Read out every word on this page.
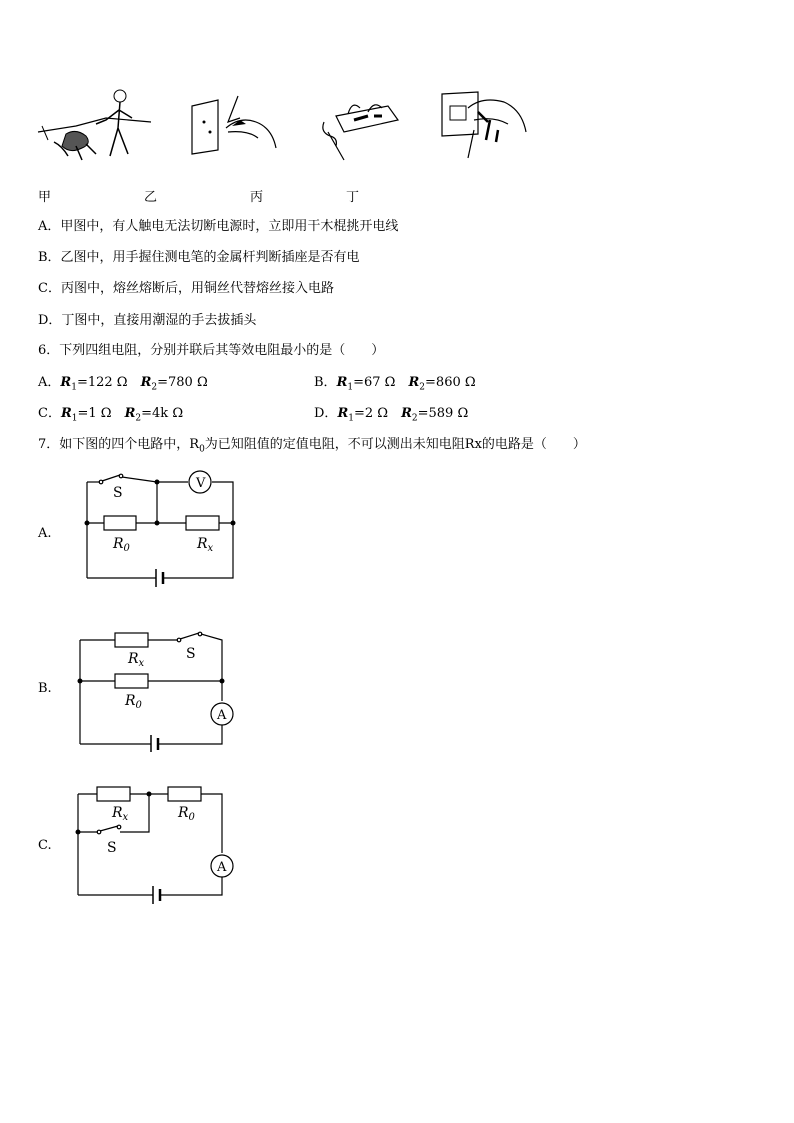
甲	乙	丙	丁
A．甲图中，有人触电无法切断电源时，立即用干木棍挑开电线
B．乙图中，用手握住测电笔的金属杆判断插座是否有电
C．丙图中，熔丝熔断后，用铜丝代替熔丝接入电路
D．丁图中，直接用潮湿的手去拔插头
6．下列四组电阻，分别并联后其等效电阻最小的是（　　）
A．$R_1=122$ Ω　 $R_2=780$ Ω	B．$R_1=67$ Ω　 $R_2=860$ Ω
C．$R_1=1$ Ω　 $R_2=4k$ Ω	D．$R_1=2$ Ω　 $R_2=589$ Ω
7．如下图的四个电路中，$R_0$为已知阻值的定值电阻，不可以测出未知电阻Rx的电路是（　　）
A.
S
V
$R_0$	$R_x$
B.
$R_x$
S
$R_0$
A
C.
$R_x$	$R_0$
S
A
